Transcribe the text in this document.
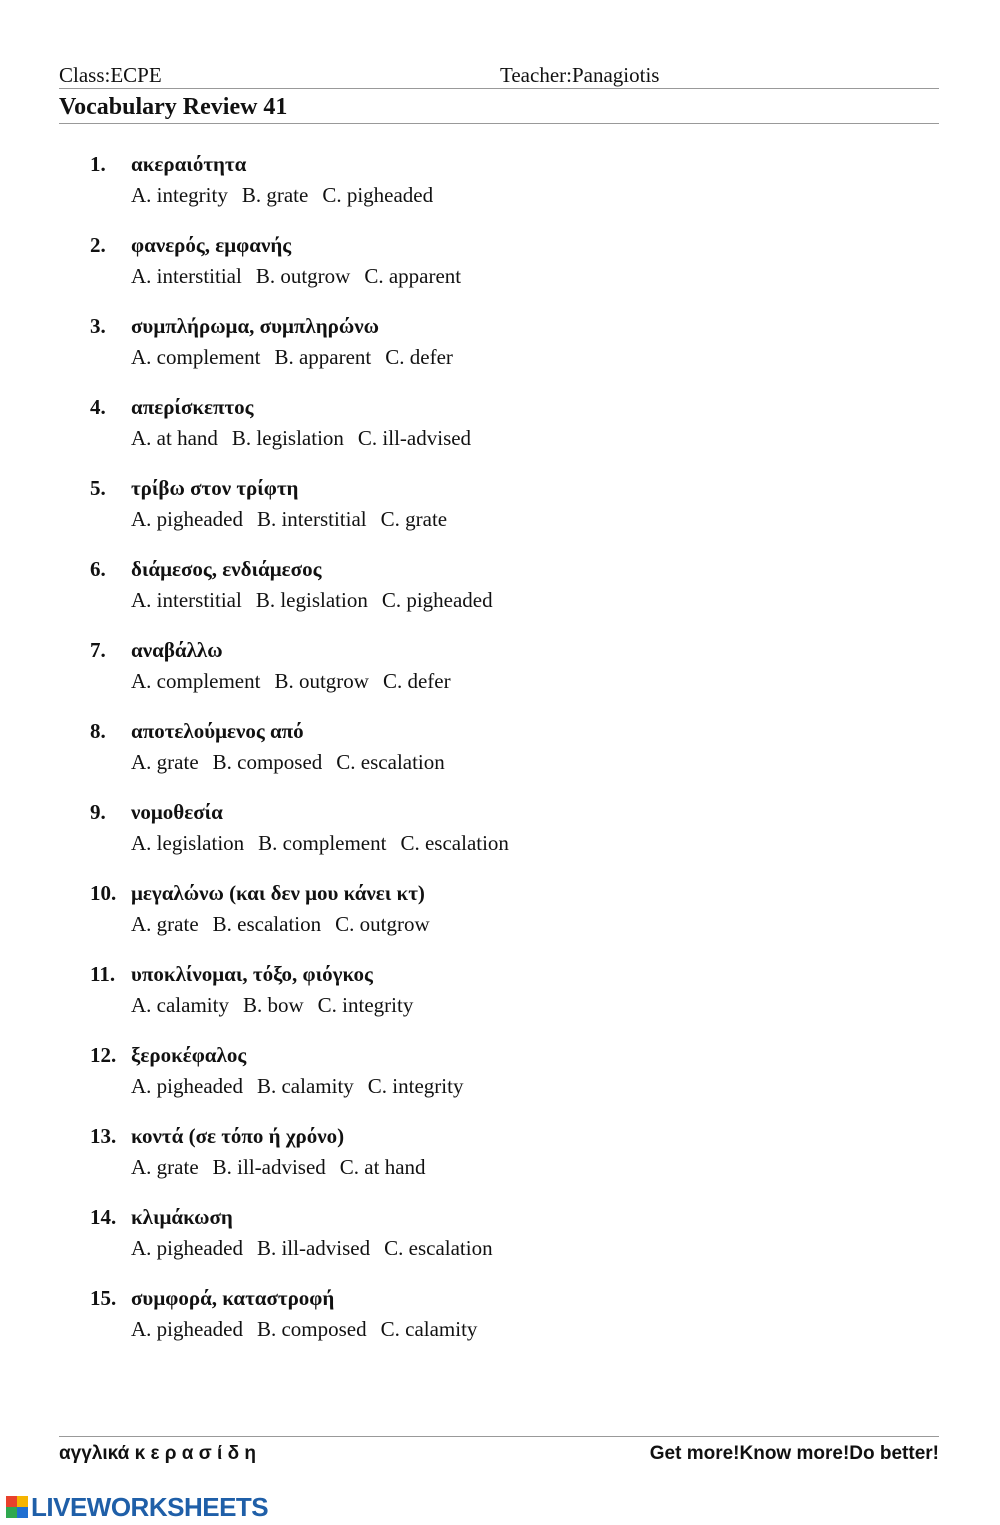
Class:ECPE	Teacher:Panagiotis
Vocabulary Review 41
1. ακεραιότητα
A. integrity B. grate C. pigheaded
2. φανερός, εμφανής
A. interstitial B. outgrow C. apparent
3. συμπλήρωμα, συμπληρώνω
A. complement B. apparent C. defer
4. απερίσκεπτος
A. at hand B. legislation C. ill-advised
5. τρίβω στον τρίφτη
A. pigheaded B. interstitial C. grate
6. διάμεσος, ενδιάμεσος
A. interstitial B. legislation C. pigheaded
7. αναβάλλω
A. complement B. outgrow C. defer
8. αποτελούμενος από
A. grate B. composed C. escalation
9. νομοθεσία
A. legislation B. complement C. escalation
10. μεγαλώνω (και δεν μου κάνει κτ)
A. grate B. escalation C. outgrow
11. υποκλίνομαι, τόξο, φιόγκος
A. calamity B. bow C. integrity
12. ξεροκέφαλος
A. pigheaded B. calamity C. integrity
13. κοντά (σε τόπο ή χρόνο)
A. grate B. ill-advised C. at hand
14. κλιμάκωση
A. pigheaded B. ill-advised C. escalation
15. συμφορά, καταστροφή
A. pigheaded B. composed C. calamity
αγγλικά κ ε ρ α σ ί δ η	Get more!Know more!Do better!
LIVEWORKSHEETS
